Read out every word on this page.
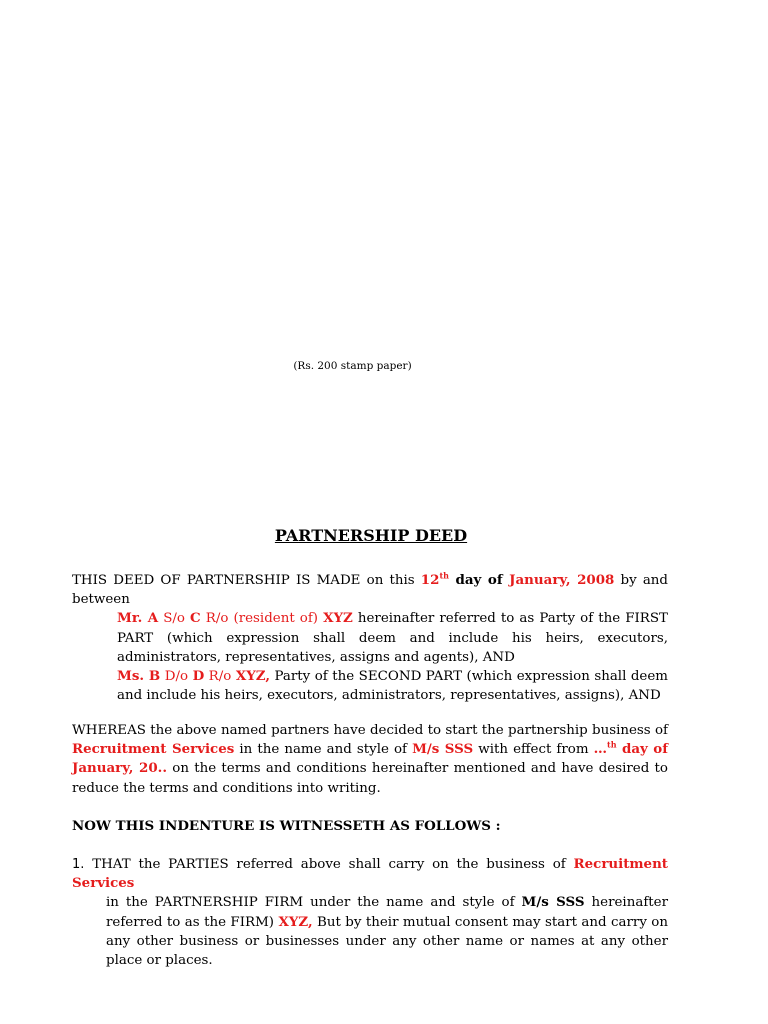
(Rs. 200 stamp paper)
PARTNERSHIP DEED
THIS DEED OF PARTNERSHIP IS MADE on this 12th day of January, 2008 by and
between
Mr. A S/o C R/o (resident of) XYZ hereinafter referred to as Party of the FIRST PART (which expression shall deem and include his heirs, executors, administrators, representatives, assigns and agents), AND
Ms. B D/o D R/o XYZ, Party of the SECOND PART (which expression shall deem and include his heirs, executors, administrators, representatives, assigns), AND
WHEREAS the above named partners have decided to start the partnership business of Recruitment Services in the name and style of M/s SSS with effect from …$^{th}$ day of January, 20.. on the terms and conditions hereinafter mentioned and have desired to reduce the terms and conditions into writing.
NOW THIS INDENTURE IS WITNESSETH AS FOLLOWS :
1. THAT the PARTIES referred above shall carry on the business of Recruitment Services
in the PARTNERSHIP FIRM under the name and style of M/s SSS hereinafter referred to as the FIRM) XYZ, But by their mutual consent may start and carry on any other business or businesses under any other name or names at any other place or places.
